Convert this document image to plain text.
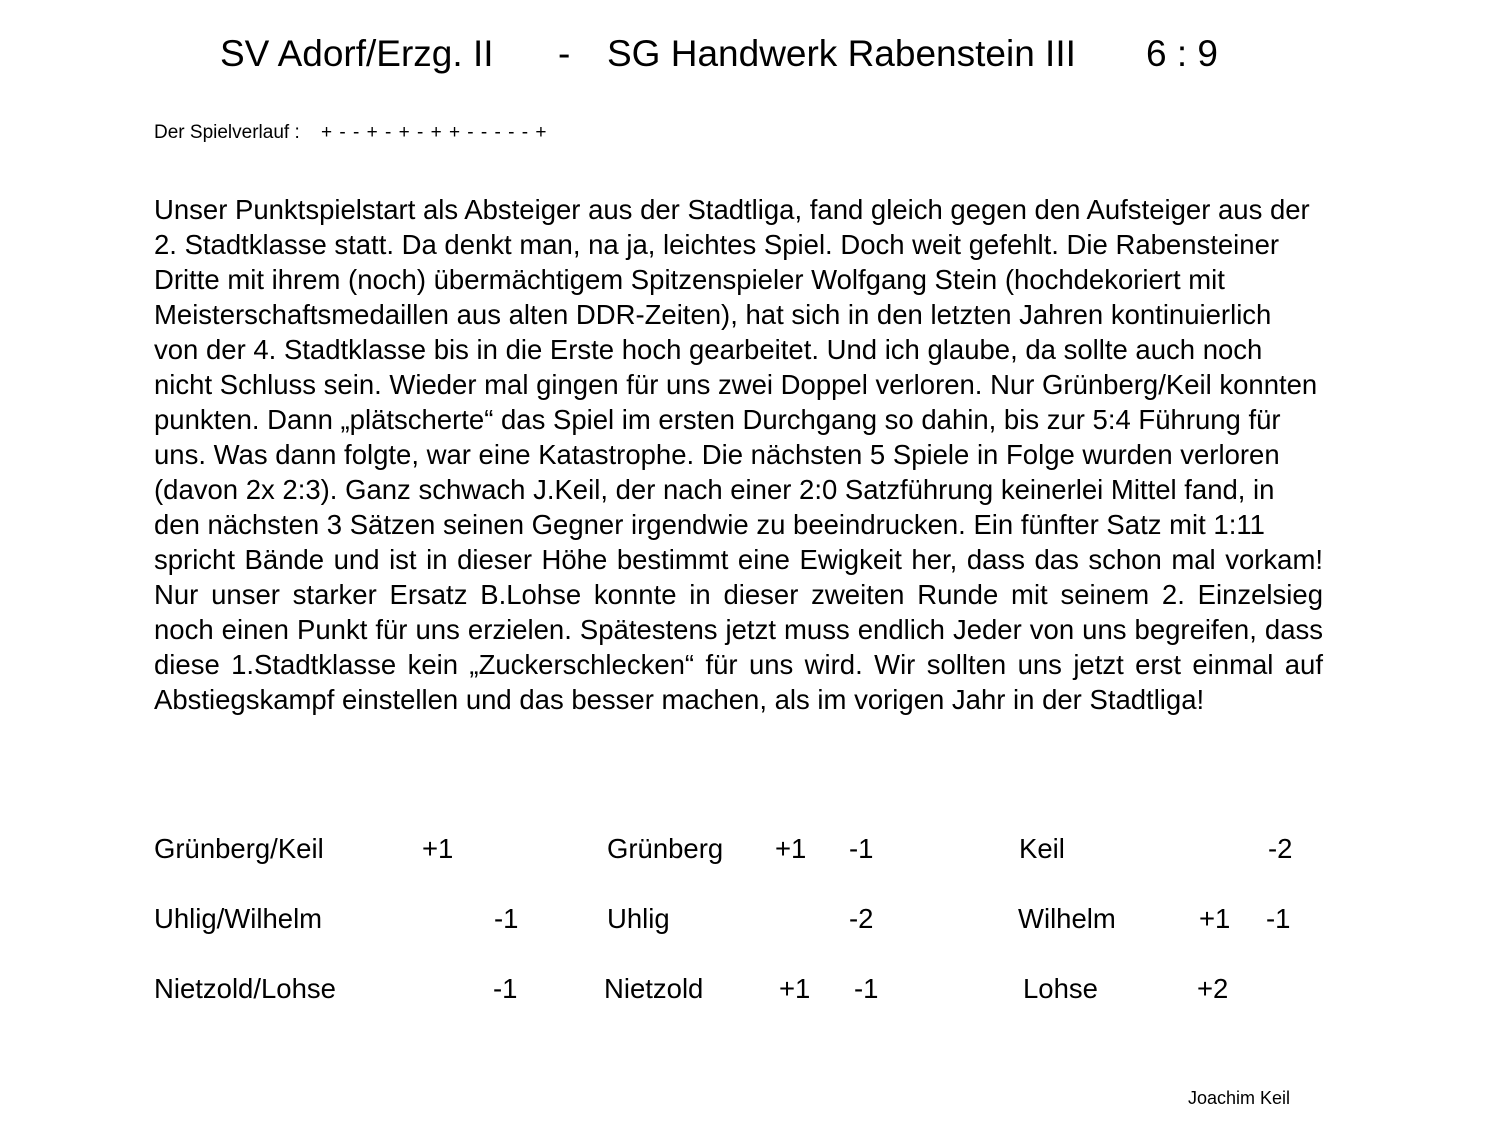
SV Adorf/Erzg. II - SG Handwerk Rabenstein III 6 : 9
Der Spielverlauf : + - - + - + - + + - - - - - +

Unser Punktspielstart als Absteiger aus der Stadtliga, fand gleich gegen den Aufsteiger aus der 2. Stadtklasse statt. Da denkt man, na ja, leichtes Spiel. Doch weit gefehlt. Die Rabensteiner Dritte mit ihrem (noch) übermächtigem Spitzenspieler Wolfgang Stein (hochdekoriert mit Meisterschaftsmedaillen aus alten DDR-Zeiten), hat sich in den letzten Jahren kontinuierlich von der 4. Stadtklasse bis in die Erste hoch gearbeitet. Und ich glaube, da sollte auch noch nicht Schluss sein. Wieder mal gingen für uns zwei Doppel verloren. Nur Grünberg/Keil konnten punkten. Dann „plätscherte“ das Spiel im ersten Durchgang so dahin, bis zur 5:4 Führung für uns. Was dann folgte, war eine Katastrophe. Die nächsten 5 Spiele in Folge wurden verloren (davon 2x 2:3). Ganz schwach J.Keil, der nach einer 2:0 Satzführung keinerlei Mittel fand, in den nächsten 3 Sätzen seinen Gegner irgendwie zu beeindrucken. Ein fünfter Satz mit 1:11

spricht Bände und ist in dieser Höhe bestimmt eine Ewigkeit her, dass das schon mal vorkam! Nur unser starker Ersatz B.Lohse konnte in dieser zweiten Runde mit seinem 2. Einzelsieg noch einen Punkt für uns erzielen. Spätestens jetzt muss endlich Jeder von uns begreifen, dass diese 1.Stadtklasse kein „Zuckerschlecken“ für uns wird. Wir sollten uns jetzt erst einmal auf Abstiegskampf einstellen und das besser machen, als im vorigen Jahr in der Stadtliga!

Grünberg/Keil	+1	Grünberg +1 -1	Keil	-2
Uhlig/Wilhelm	-1	Uhlig	-2	Wilhelm	+1 -1
Nietzold/Lohse	-1	Nietzold	+1 -1	Lohse	+2
Joachim Keil
